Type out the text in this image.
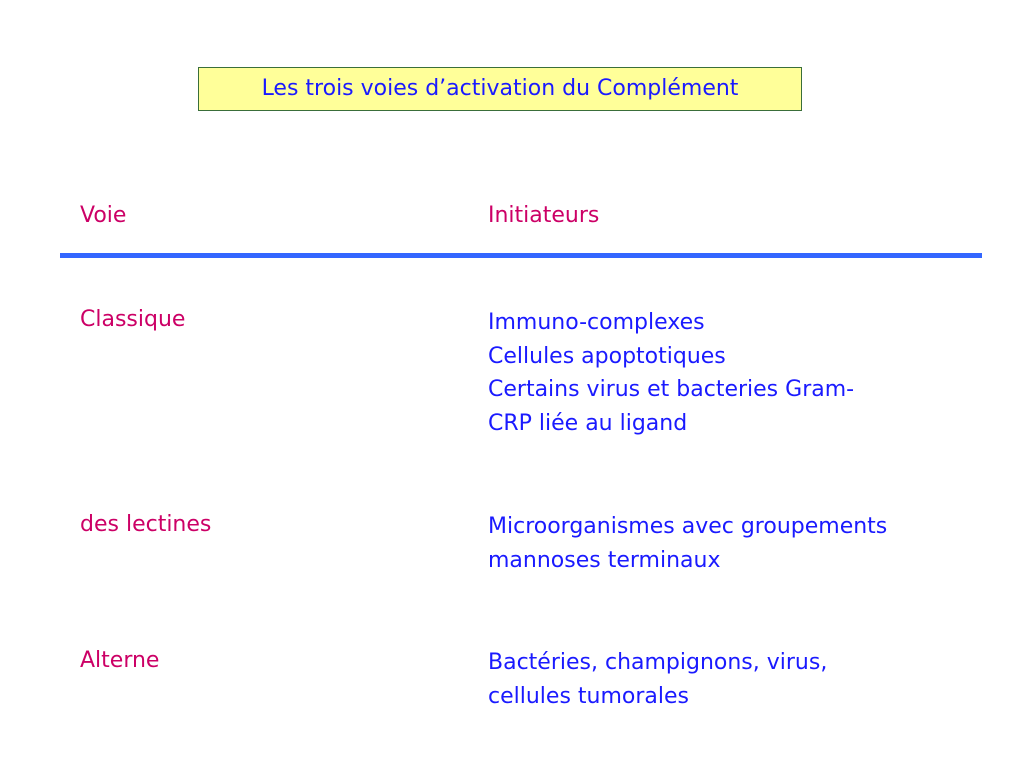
Les trois voies d’activation du Complément
Voie	Initiateurs
Classique	Immuno-complexes
Cellules apoptotiques
Certains virus et bacteries Gram-
CRP liée au ligand
des lectines	Microorganismes avec groupements
mannoses terminaux
Alterne	Bactéries, champignons, virus,
cellules tumorales
